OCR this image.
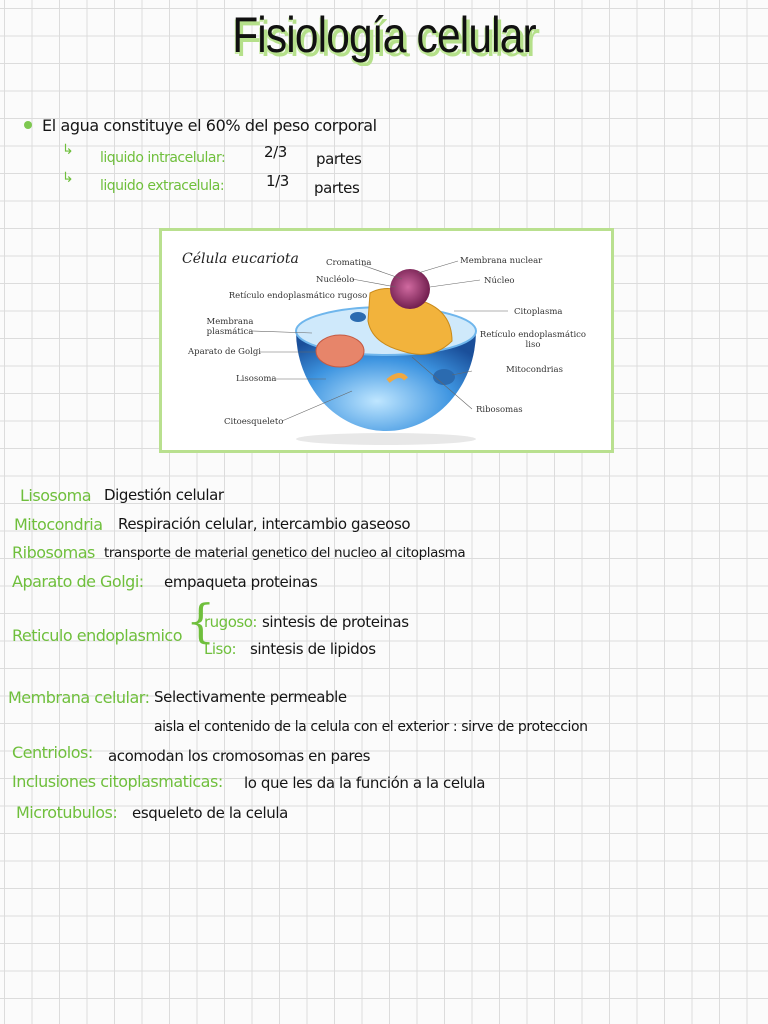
Fisiología celular
El agua constituye el 60% del peso corporal
↳ liquido intracelular:	2/3 partes
↳ liquido extracelula:	1/3 partes
Célula eucariota	Cromatina
Nucléolo
Retículo endoplasmático rugoso
Membrana plasmática
Aparato de Golgi
Lisosoma
Citoesqueleto
Membrana nuclear
Núcleo
Citoplasma
Retículo endoplasmático liso
Mitocondrias
Ribosomas
Lisosoma Digestión celular
Mitocondria Respiración celular, intercambio gaseoso
Ribosomas transporte de material genetico del nucleo al citoplasma
Aparato de Golgi: empaqueta proteinas
Reticulo endoplasmico {
rugoso: sintesis de proteinas
Liso: sintesis de lipidos
Membrana celular: Selectivamente permeable
aisla el contenido de la celula con el exterior : sirve de proteccion
Centriolos: acomodan los cromosomas en pares
Inclusiones citoplasmaticas: lo que les da la función a la celula
Microtubulos: esqueleto de la celula
